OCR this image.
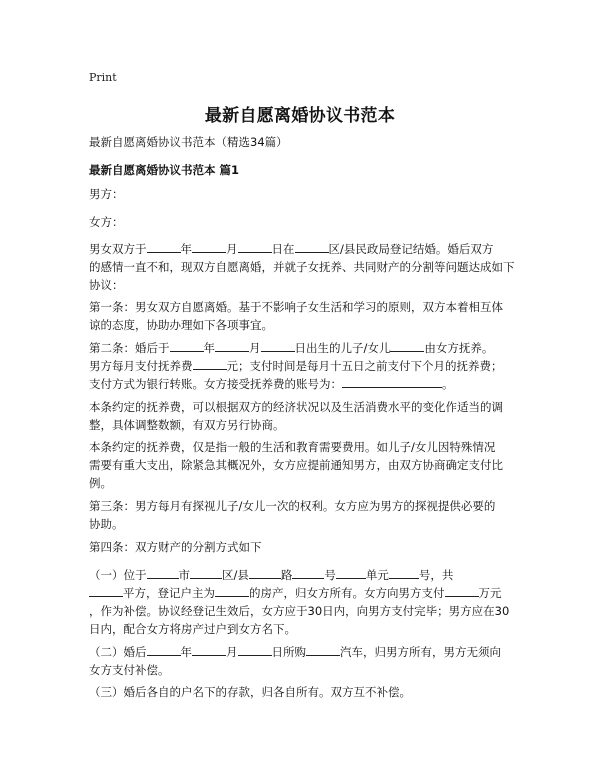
Print
最新自愿离婚协议书范本
最新自愿离婚协议书范本（精选34篇）
最新自愿离婚协议书范本 篇1
男方：
女方：
男女双方于	年	月	日在	区/县民政局登记结婚。婚后双方
的感情一直不和，现双方自愿离婚，并就子女抚养、共同财产的分割等问题达成如下
协议：
第一条：男女双方自愿离婚。基于不影响子女生活和学习的原则，双方本着相互体
谅的态度，协助办理如下各项事宜。
第二条：婚后于	年	月	日出生的儿子/女儿	由女方抚养。
男方每月支付抚养费	元；支付时间是每月十五日之前支付下个月的抚养费；
支付方式为银行转账。女方接受抚养费的账号为：	。
本条约定的抚养费，可以根据双方的经济状况以及生活消费水平的变化作适当的调
整，具体调整数额，有双方另行协商。
本条约定的抚养费，仅是指一般的生活和教育需要费用。如儿子/女儿因特殊情况
需要有重大支出，除紧急其概况外，女方应提前通知男方，由双方协商确定支付比
例。
第三条：男方每月有探视儿子/女儿一次的权利。女方应为男方的探视提供必要的
协助。
第四条：双方财产的分割方式如下
（一）位于	市	区/县	路	号	单元	号，共
平方，登记户主为	的房产，归女方所有。女方向男方支付	万元
，作为补偿。协议经登记生效后，女方应于30日内，向男方支付完毕；男方应在30
日内，配合女方将房产过户到女方名下。
（二）婚后	年	月	日所购	汽车，归男方所有，男方无须向
女方支付补偿。
（三）婚后各自的户名下的存款，归各自所有。双方互不补偿。
